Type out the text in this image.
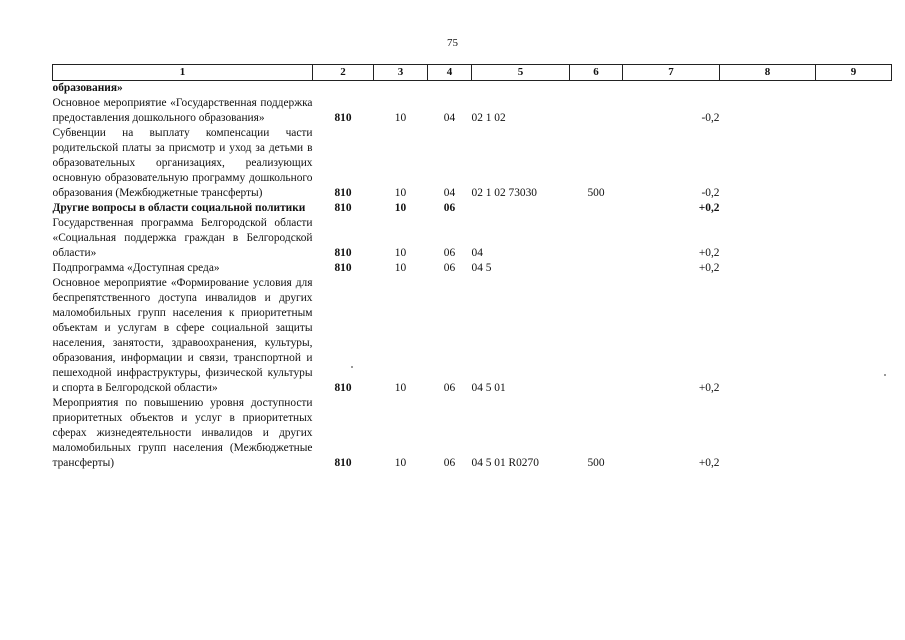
75
1	2	3	4	5	6	7	8	9
образования»								
Основное мероприятие «Государственная поддержка предоставления дошкольного образования»	810	10	04	02 1 02		-0,2		
Субвенции на выплату компенсации части родительской платы за присмотр и уход за детьми в образовательных организациях, реализующих основную образовательную программу дошкольного образования (Межбюджетные трансферты)	810	10	04	02 1 02 73030	500	-0,2		
Другие вопросы в области социальной политики	810	10	06			+0,2		
Государственная программа Белгородской области «Социальная поддержка граждан в Белгородской области»	810	10	06	04		+0,2		
Подпрограмма «Доступная среда»	810	10	06	04 5		+0,2		
Основное мероприятие «Формирование условия для беспрепятственного доступа инвалидов и других маломобильных групп населения к приоритетным объектам и услугам в сфере социальной защиты населения, занятости, здравоохранения, культуры, образования, информации и связи, транспортной и пешеходной инфраструктуры, физической культуры и спорта в Белгородской области»	810	10	06	04 5 01		+0,2		
Мероприятия по повышению уровня доступности приоритетных объектов и услуг в приоритетных сферах жизнедеятельности инвалидов и других маломобильных групп населения (Межбюджетные трансферты)	810	10	06	04 5 01 R0270	500	+0,2		
